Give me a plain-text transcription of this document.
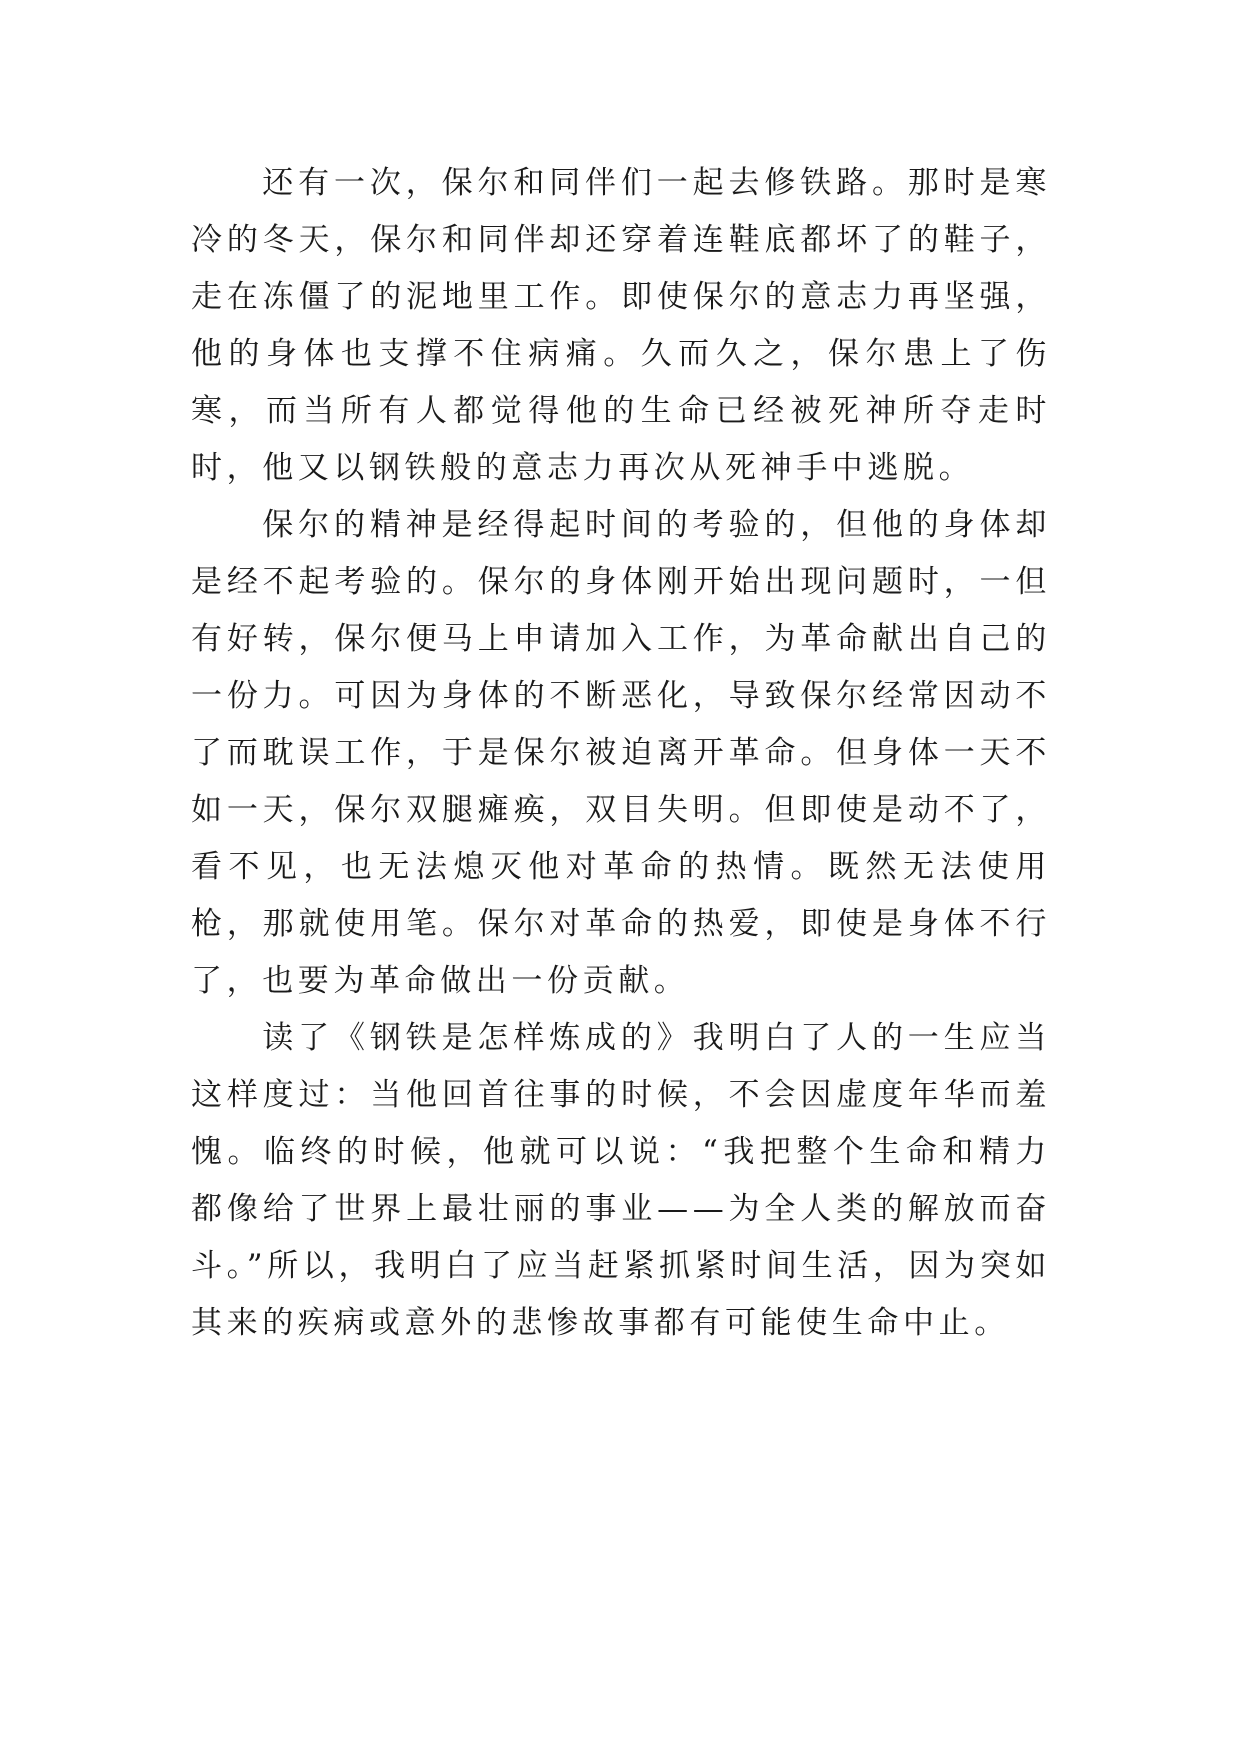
还有一次，保尔和同伴们一起去修铁路。那时是寒冷的冬天，保尔和同伴却还穿着连鞋底都坏了的鞋子，走在冻僵了的泥地里工作。即使保尔的意志力再坚强，他的身体也支撑不住病痛。久而久之，保尔患上了伤寒，而当所有人都觉得他的生命已经被死神所夺走时时，他又以钢铁般的意志力再次从死神手中逃脱。

保尔的精神是经得起时间的考验的，但他的身体却是经不起考验的。保尔的身体刚开始出现问题时，一但有好转，保尔便马上申请加入工作，为革命献出自己的一份力。可因为身体的不断恶化，导致保尔经常因动不了而耽误工作，于是保尔被迫离开革命。但身体一天不如一天，保尔双腿瘫痪，双目失明。但即使是动不了，看不见，也无法熄灭他对革命的热情。既然无法使用枪，那就使用笔。保尔对革命的热爱，即使是身体不行了，也要为革命做出一份贡献。

读了《钢铁是怎样炼成的》我明白了人的一生应当这样度过：当他回首往事的时候，不会因虚度年华而羞愧。临终的时候，他就可以说：“我把整个生命和精力都像给了世界上最壮丽的事业——为全人类的解放而奋斗。”所以，我明白了应当赶紧抓紧时间生活，因为突如其来的疾病或意外的悲惨故事都有可能使生命中止。
